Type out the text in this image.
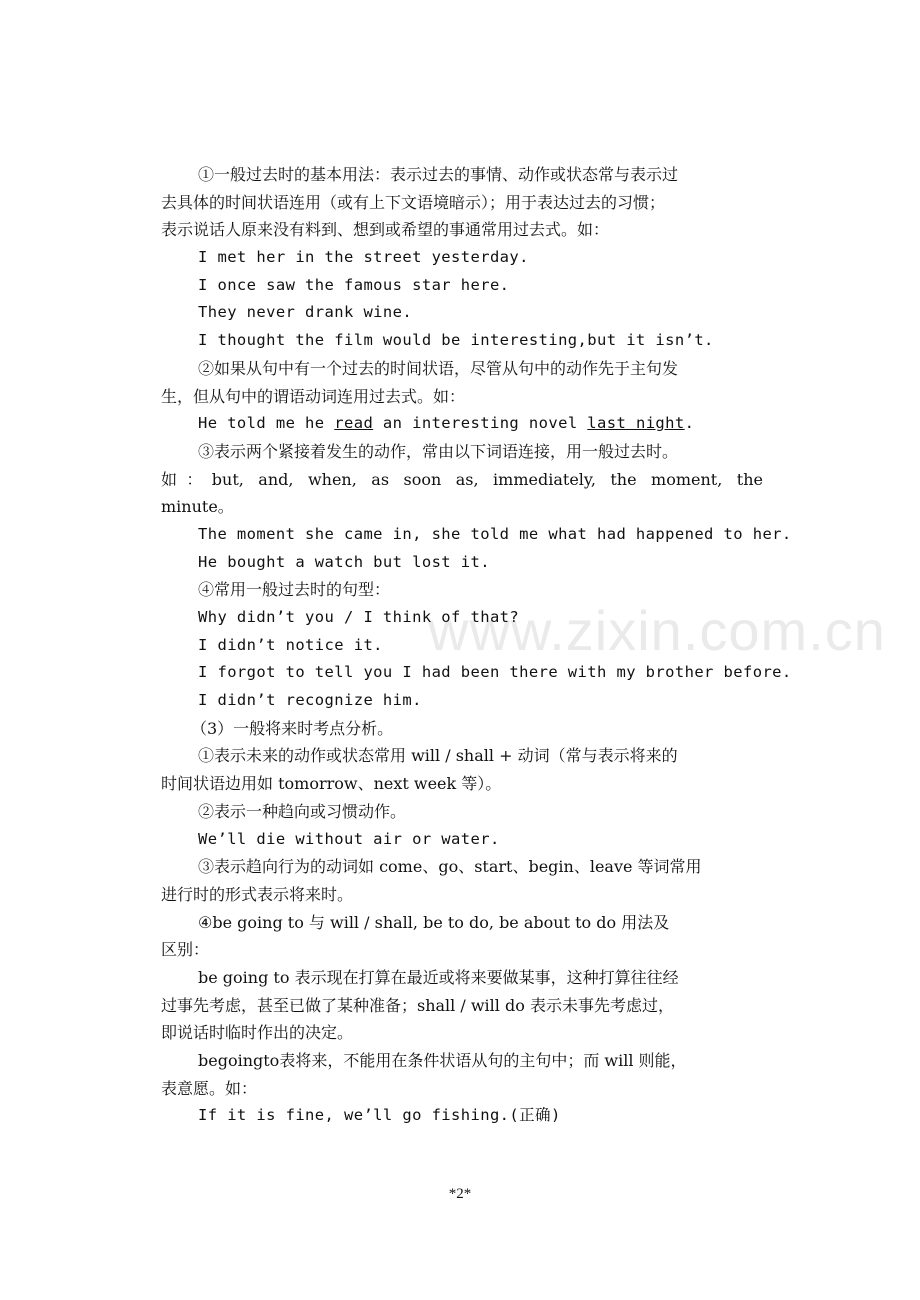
www.zixin.com.cn
①一般过去时的基本用法：表示过去的事情、动作或状态常与表示过
去具体的时间状语连用（或有上下文语境暗示）；用于表达过去的习惯；
表示说话人原来没有料到、想到或希望的事通常用过去式。如：
I met her in the street yesterday.
I once saw the famous star here.
They never drank wine.
I thought the film would be interesting,but it isn’t.
②如果从句中有一个过去的时间状语，尽管从句中的动作先于主句发
生，但从句中的谓语动词连用过去式。如：
He told me he read an interesting novel last night.
③表示两个紧接着发生的动作，常由以下词语连接，用一般过去时。
如：but, and, when, as soon as, immediately, the moment, the
minute。
The moment she came in, she told me what had happened to her.
He bought a watch but lost it.
④常用一般过去时的句型：
Why didn’t you / I think of that?
I didn’t notice it.
I forgot to tell you I had been there with my brother before.
I didn’t recognize him.
（3）一般将来时考点分析。
①表示未来的动作或状态常用 will / shall + 动词（常与表示将来的
时间状语边用如 tomorrow、next week 等）。
②表示一种趋向或习惯动作。
We’ll die without air or water.
③表示趋向行为的动词如 come、go、start、begin、leave 等词常用
进行时的形式表示将来时。
④be going to 与 will / shall, be to do, be about to do 用法及
区别：
be going to 表示现在打算在最近或将来要做某事，这种打算往往经
过事先考虑，甚至已做了某种准备；shall / will do 表示未事先考虑过，
即说话时临时作出的决定。
begoingto表将来，不能用在条件状语从句的主句中；而 will 则能，
表意愿。如：
If it is fine, we’ll go fishing.(正确)
*2*
